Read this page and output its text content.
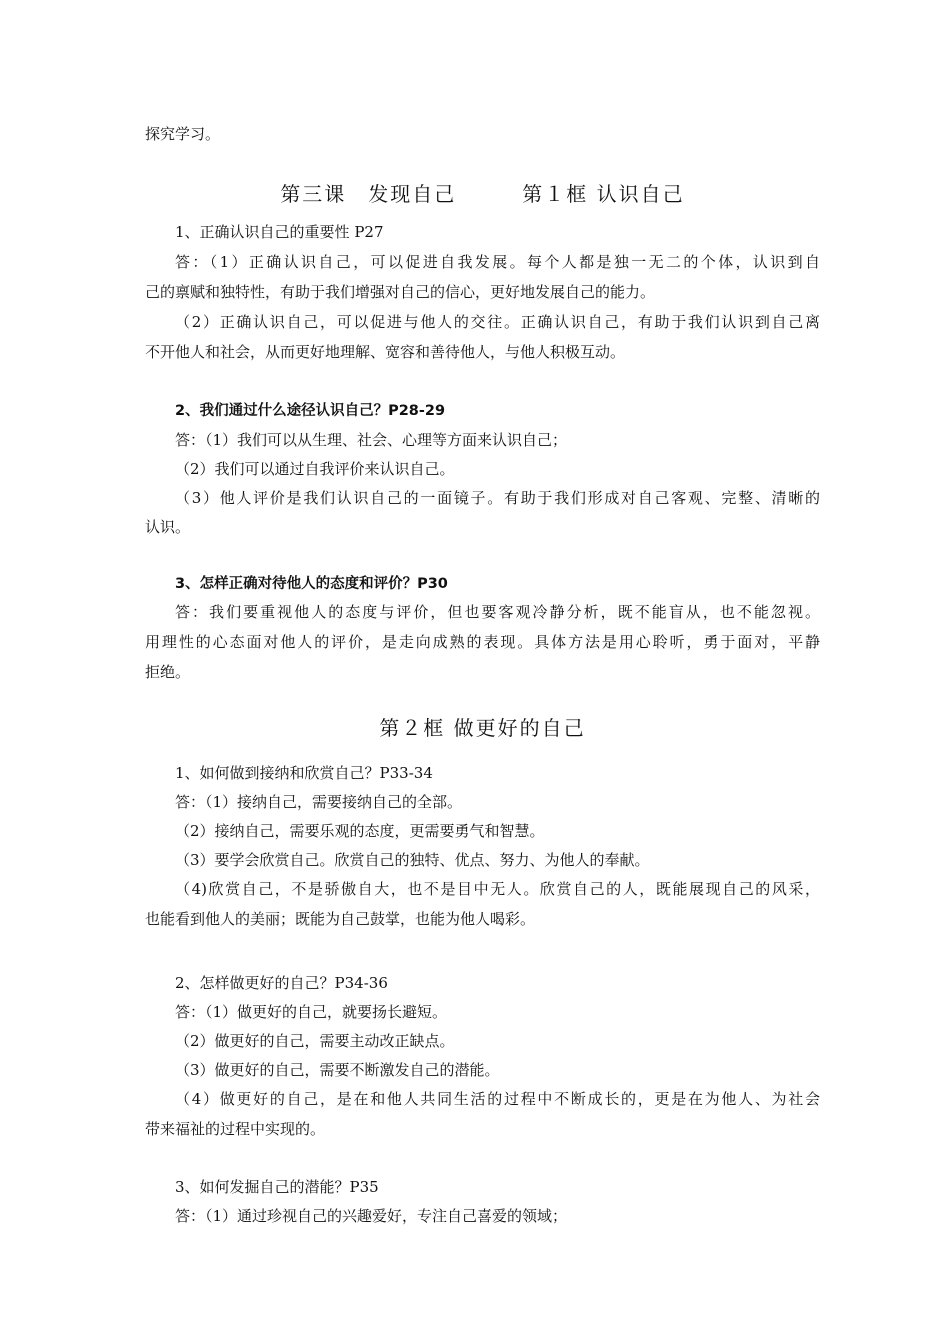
探究学习。
第三课　发现自己　　　第１框 认识自己
1、正确认识自己的重要性 P27
答：（1）正确认识自己，可以促进自我发展。每个人都是独一无二的个体，认识到自
己的禀赋和独特性，有助于我们增强对自己的信心，更好地发展自己的能力。
（2）正确认识自己，可以促进与他人的交往。正确认识自己，有助于我们认识到自己离
不开他人和社会，从而更好地理解、宽容和善待他人，与他人积极互动。
2、我们通过什么途径认识自己？P28-29
答：（1）我们可以从生理、社会、心理等方面来认识自己；
（2）我们可以通过自我评价来认识自己。
（3）他人评价是我们认识自己的一面镜子。有助于我们形成对自己客观、完整、清晰的
认识。
3、怎样正确对待他人的态度和评价？P30
答：我们要重视他人的态度与评价，但也要客观冷静分析，既不能盲从，也不能忽视。
用理性的心态面对他人的评价，是走向成熟的表现。具体方法是用心聆听，勇于面对，平静
拒绝。
第２框 做更好的自己
1、如何做到接纳和欣赏自己？P33-34
答：（1）接纳自己，需要接纳自己的全部。
（2）接纳自己，需要乐观的态度，更需要勇气和智慧。
（3）要学会欣赏自己。欣赏自己的独特、优点、努力、为他人的奉献。
（4)欣赏自己，不是骄傲自大，也不是目中无人。欣赏自己的人，既能展现自己的风采，
也能看到他人的美丽；既能为自己鼓掌，也能为他人喝彩。
2、怎样做更好的自己？P34-36
答：（1）做更好的自己，就要扬长避短。
（2）做更好的自己，需要主动改正缺点。
（3）做更好的自己，需要不断激发自己的潜能。
（4）做更好的自己，是在和他人共同生活的过程中不断成长的，更是在为他人、为社会
带来福祉的过程中实现的。
3、如何发掘自己的潜能？P35
答：（1）通过珍视自己的兴趣爱好，专注自己喜爱的领域；
